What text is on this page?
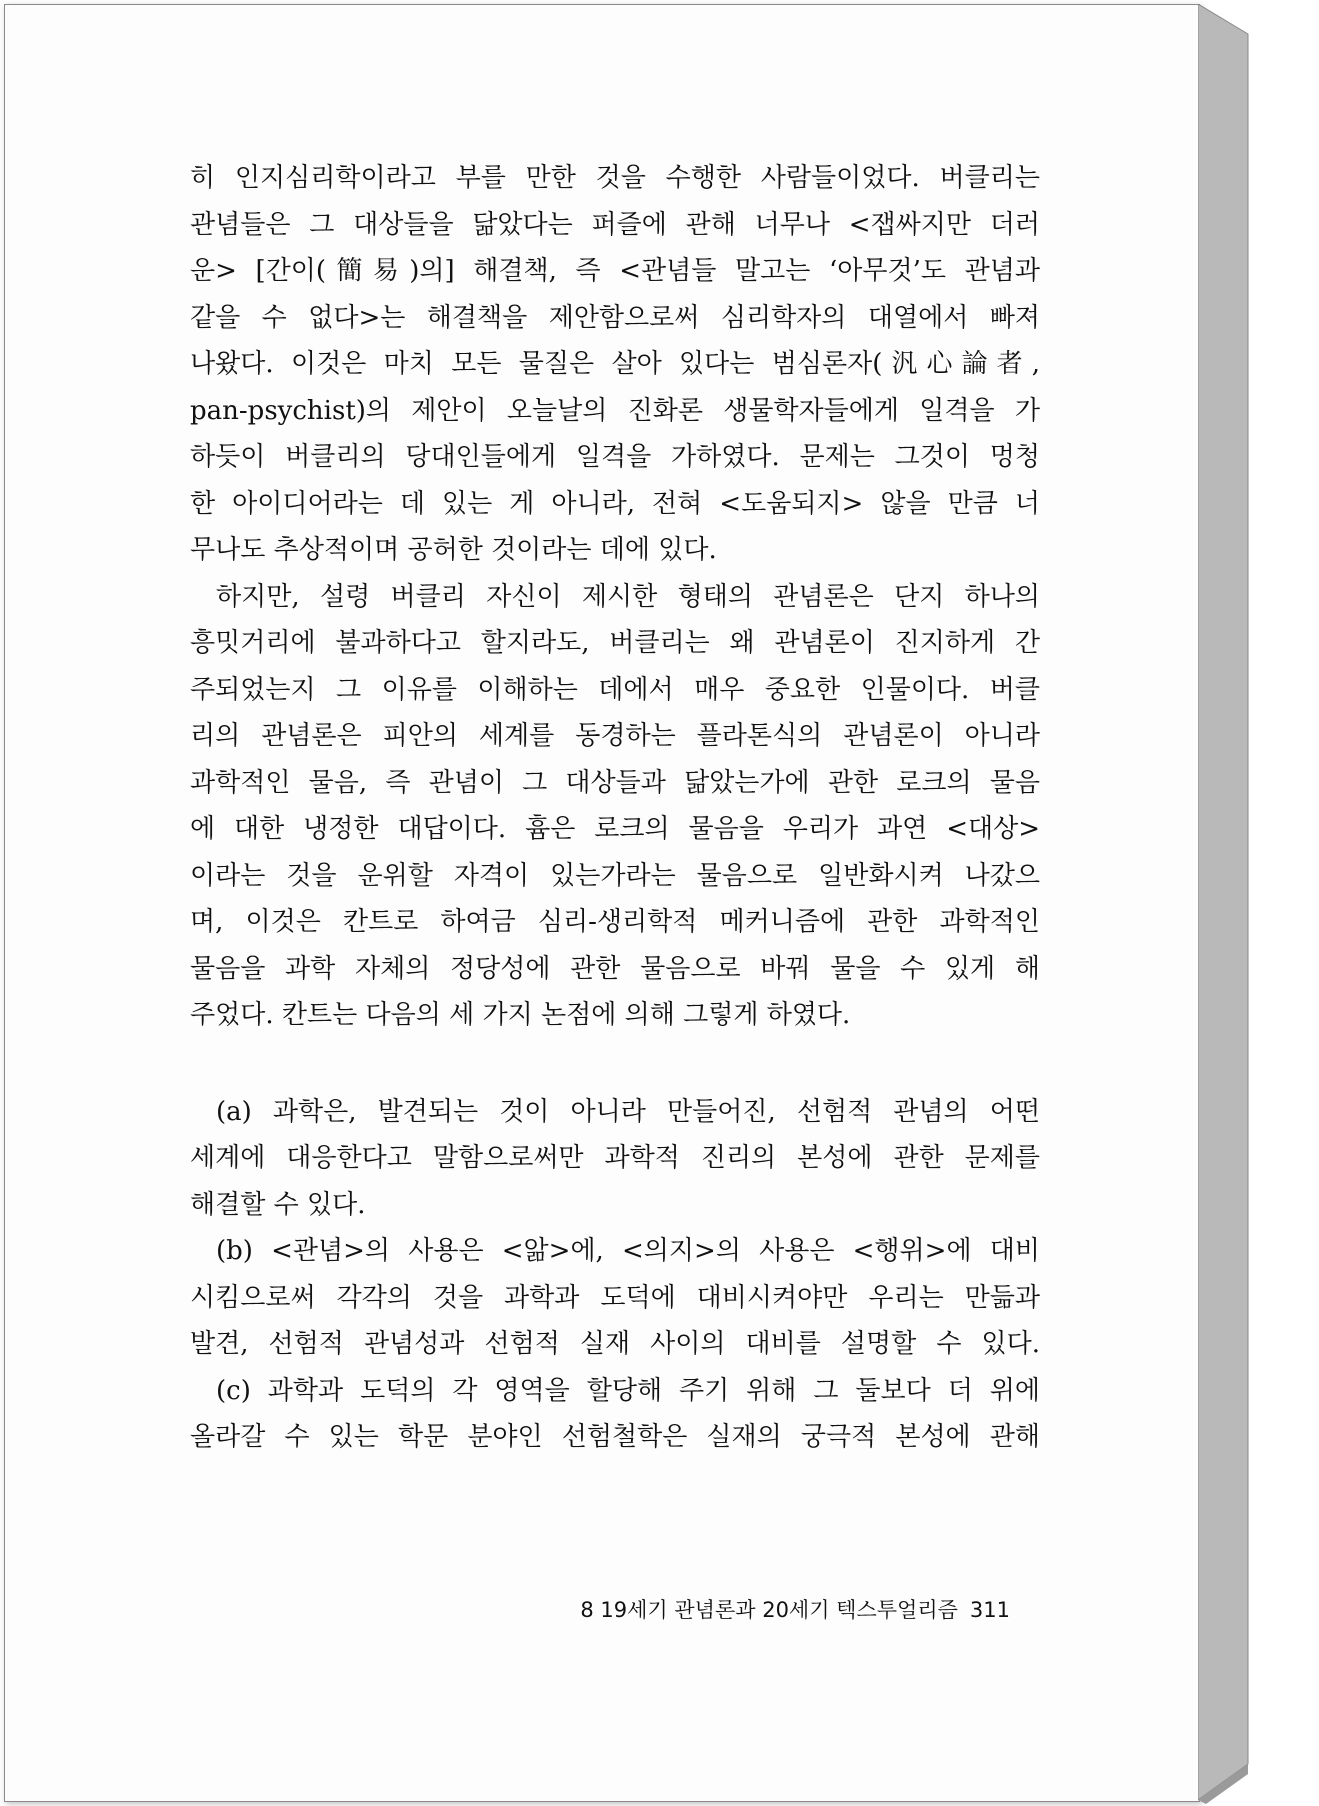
히 인지심리학이라고 부를 만한 것을 수행한 사람들이었다. 버클리는
관념들은 그 대상들을 닮았다는 퍼즐에 관해 너무나 <잽싸지만 더러
운> [간이(簡易)의] 해결책, 즉 <관념들 말고는 ‘아무것’도 관념과
같을 수 없다>는 해결책을 제안함으로써 심리학자의 대열에서 빠져
나왔다. 이것은 마치 모든 물질은 살아 있다는 범심론자(汎心論者,
pan-psychist)의 제안이 오늘날의 진화론 생물학자들에게 일격을 가
하듯이 버클리의 당대인들에게 일격을 가하였다. 문제는 그것이 멍청
한 아이디어라는 데 있는 게 아니라, 전혀 <도움되지> 않을 만큼 너
무나도 추상적이며 공허한 것이라는 데에 있다.
하지만, 설령 버클리 자신이 제시한 형태의 관념론은 단지 하나의
흥밋거리에 불과하다고 할지라도, 버클리는 왜 관념론이 진지하게 간
주되었는지 그 이유를 이해하는 데에서 매우 중요한 인물이다. 버클
리의 관념론은 피안의 세계를 동경하는 플라톤식의 관념론이 아니라
과학적인 물음, 즉 관념이 그 대상들과 닮았는가에 관한 로크의 물음
에 대한 냉정한 대답이다. 흄은 로크의 물음을 우리가 과연 <대상>
이라는 것을 운위할 자격이 있는가라는 물음으로 일반화시켜 나갔으
며, 이것은 칸트로 하여금 심리-생리학적 메커니즘에 관한 과학적인
물음을 과학 자체의 정당성에 관한 물음으로 바꿔 물을 수 있게 해
주었다. 칸트는 다음의 세 가지 논점에 의해 그렇게 하였다.
(a) 과학은, 발견되는 것이 아니라 만들어진, 선험적 관념의 어떤
세계에 대응한다고 말함으로써만 과학적 진리의 본성에 관한 문제를
해결할 수 있다.
(b) <관념>의 사용은 <앎>에, <의지>의 사용은 <행위>에 대비
시킴으로써 각각의 것을 과학과 도덕에 대비시켜야만 우리는 만듦과
발견, 선험적 관념성과 선험적 실재 사이의 대비를 설명할 수 있다.
(c) 과학과 도덕의 각 영역을 할당해 주기 위해 그 둘보다 더 위에
올라갈 수 있는 학문 분야인 선험철학은 실재의 궁극적 본성에 관해
8 19세기 관념론과 20세기 텍스투얼리즘 311
